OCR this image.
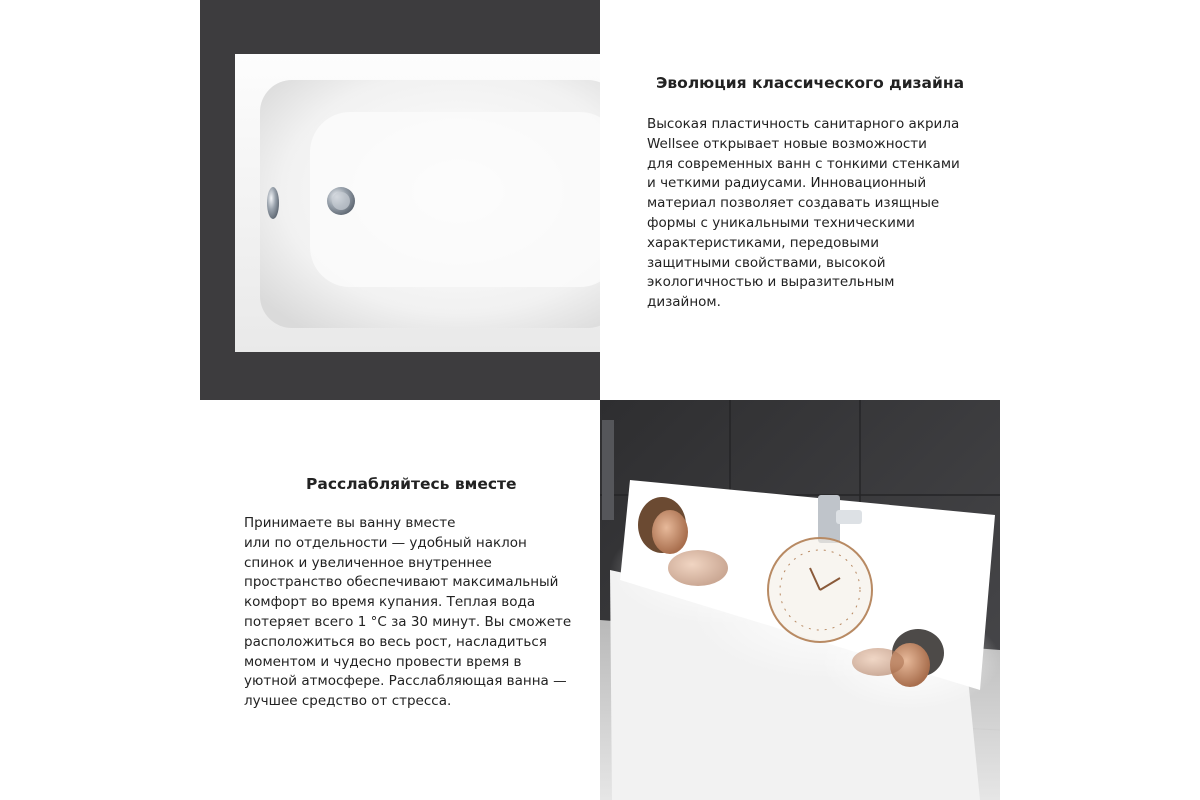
Эволюция классического дизайна

Высокая пластичность санитарного акрила
Wellsee открывает новые возможности
для современных ванн с тонкими стенками
и четкими радиусами. Инновационный
материал позволяет создавать изящные
формы с уникальными техническими
характеристиками, передовыми
защитными свойствами, высокой
экологичностью и выразительным
дизайном.

Расслабляйтесь вместе

Принимаете вы ванну вместе
или по отдельности — удобный наклон
спинок и увеличенное внутреннее
пространство обеспечивают максимальный
комфорт во время купания. Теплая вода
потеряет всего 1 °C за 30 минут. Вы сможете
расположиться во весь рост, насладиться
моментом и чудесно провести время в
уютной атмосфере. Расслабляющая ванна —
лучшее средство от стресса.
